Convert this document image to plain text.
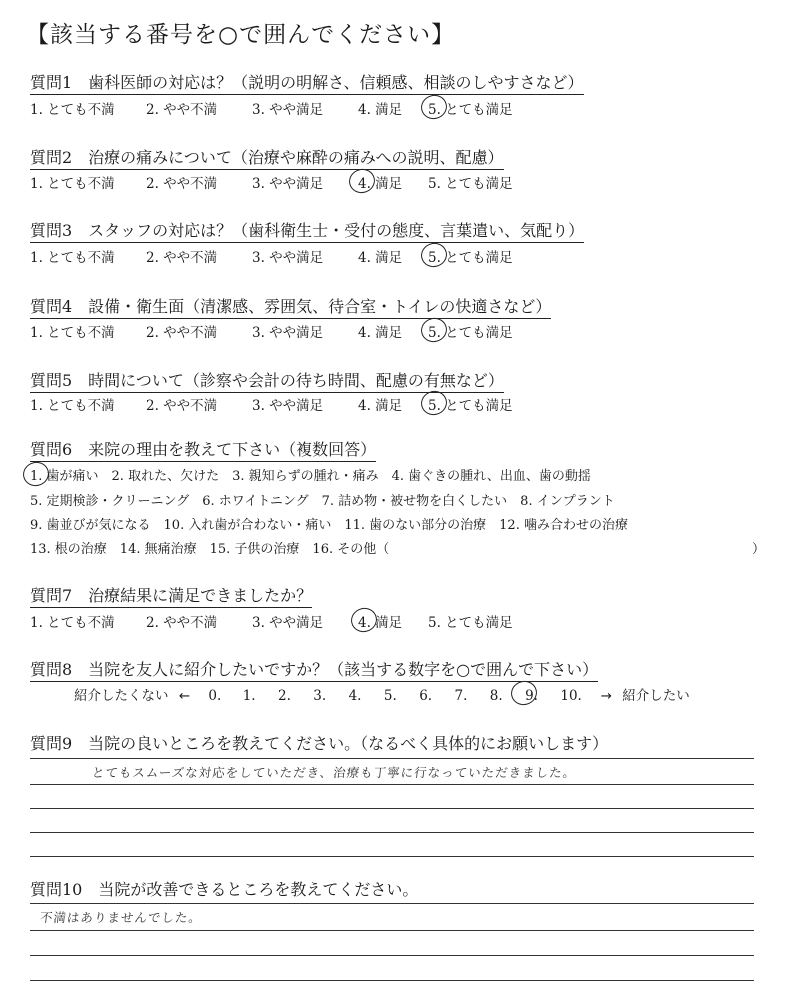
【該当する番号を○で囲んでください】
質問1　歯科医師の対応は？（説明の明解さ、信頼感、相談のしやすさなど）
1. とても不満 2. やや不満	3. やや満足	4. 満足 5. とても満足
質問2　治療の痛みについて（治療や麻酔の痛みへの説明、配慮）
1. とても不満 2. やや不満	3. やや満足	4. 満足 5. とても満足
質問3　スタッフの対応は？（歯科衛生士・受付の態度、言葉遣い、気配り）
1. とても不満 2. やや不満	3. やや満足	4. 満足 5. とても満足
質問4　設備・衛生面（清潔感、雰囲気、待合室・トイレの快適さなど）
1. とても不満 2. やや不満	3. やや満足	4. 満足 5. とても満足
質問5　時間について（診察や会計の待ち時間、配慮の有無など）
1. とても不満 2. やや不満	3. やや満足	4. 満足 5. とても満足
質問6　来院の理由を教えて下さい（複数回答）
1. 歯が痛い　2. 取れた、欠けた　3. 親知らずの腫れ・痛み　4. 歯ぐきの腫れ、出血、歯の動揺
5. 定期検診・クリーニング　6. ホワイトニング　7. 詰め物・被せ物を白くしたい　8. インプラント
9. 歯並びが気になる　10. 入れ歯が合わない・痛い　11. 歯のない部分の治療　12. 噛み合わせの治療
13. 根の治療　14. 無痛治療　15. 子供の治療　16. その他（	）
質問7　治療結果に満足できましたか？
1. とても不満 2. やや不満	3. やや満足	4. 満足 5. とても満足
質問8　当院を友人に紹介したいですか？（該当する数字を○で囲んで下さい）
紹介したくない ← 0. 1. 2. 3. 4. 5. 6. 7. 8. 9. 10. → 紹介したい
質問9　当院の良いところを教えてください。（なるべく具体的にお願いします）
とてもスムーズな対応をしていただき、治療も丁寧に行なっていただきました。
質問10　当院が改善できるところを教えてください。
不満はありませんでした。
